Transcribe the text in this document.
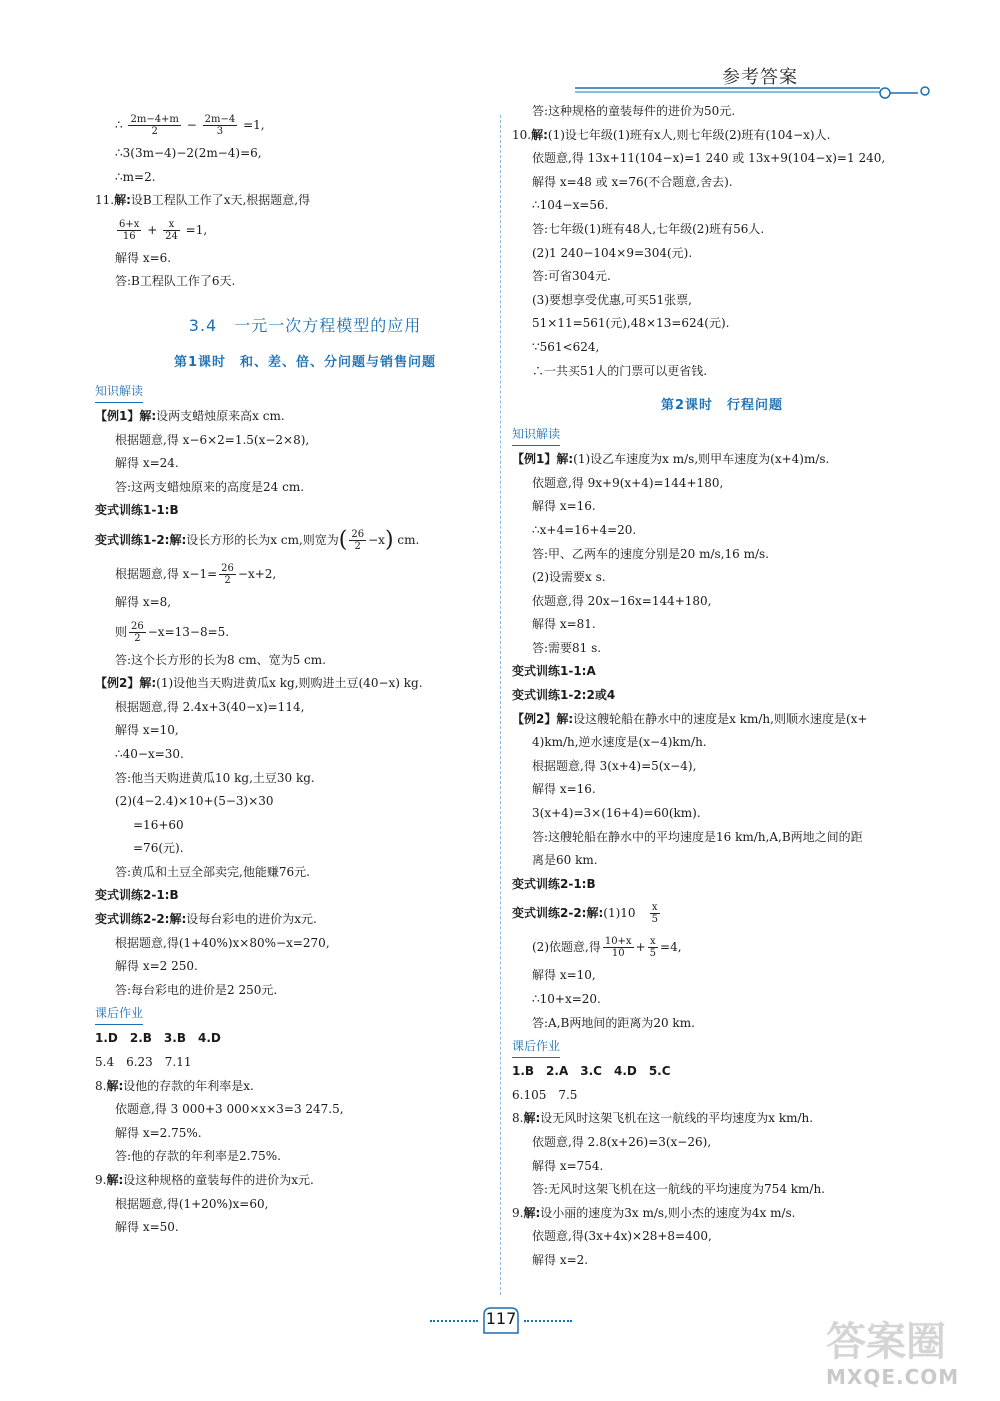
参考答案
∴ $\frac{2m-4+m}{2} - \frac{2m-4}{3} =1$,
∴3(3m−4)−2(2m−4)=6,
∴m=2.
11.解:设B工程队工作了x天,根据题意,得
$\frac{6+x}{16} + \frac{x}{24} =1$,
解得 x=6.
答:B工程队工作了6天.
3.4　一元一次方程模型的应用
第1课时　和、差、倍、分问题与销售问题
知识解读
【例1】解:设两支蜡烛原来高x cm.
根据题意,得 x−6×2=1.5(x−2×8),
解得 x=24.
答:这两支蜡烛原来的高度是24 cm.
变式训练1-1:B
变式训练1-2:解:设长方形的长为x cm,则宽为( $\frac{26}{2} -x$) cm.
根据题意,得 $x-1= \frac{26}{2} -x+2$,
解得 x=8,
则 $\frac{26}{2} -x=13-8=5$.
答:这个长方形的长为8 cm、宽为5 cm.
【例2】解:(1)设他当天购进黄瓜x kg,则购进土豆(40−x) kg.
根据题意,得 2.4x+3(40−x)=114,
解得 x=10,
∴40−x=30.
答:他当天购进黄瓜10 kg,土豆30 kg.
(2)(4−2.4)×10+(5−3)×30
=16+60
=76(元).
答:黄瓜和土豆全部卖完,他能赚76元.
变式训练2-1:B
变式训练2-2:解:设每台彩电的进价为x元.
根据题意,得(1+40%)x×80%−x=270,
解得 x=2 250.
答:每台彩电的进价是2 250元.
课后作业
1.D　2.B　3.B　4.D
5.4　6.23　7.11
8.解:设他的存款的年利率是x.
依题意,得 3 000+3 000×x×3=3 247.5,
解得 x=2.75%.
答:他的存款的年利率是2.75%.
9.解:设这种规格的童装每件的进价为x元.
根据题意,得(1+20%)x=60,
解得 x=50.
答:这种规格的童装每件的进价为50元.
10.解:(1)设七年级(1)班有x人,则七年级(2)班有(104−x)人.
依题意,得 13x+11(104−x)=1 240 或 13x+9(104−x)=1 240,
解得 x=48 或 x=76(不合题意,舍去).
∴104−x=56.
答:七年级(1)班有48人,七年级(2)班有56人.
(2)1 240−104×9=304(元).
答:可省304元.
(3)要想享受优惠,可买51张票,
51×11=561(元),48×13=624(元).
∵561<624,
∴一共买51人的门票可以更省钱.
第2课时　行程问题
知识解读
【例1】解:(1)设乙车速度为x m/s,则甲车速度为(x+4)m/s.
依题意,得 9x+9(x+4)=144+180,
解得 x=16.
∴x+4=16+4=20.
答:甲、乙两车的速度分别是20 m/s,16 m/s.
(2)设需要x s.
依题意,得 20x−16x=144+180,
解得 x=81.
答:需要81 s.
变式训练1-1:A
变式训练1-2:2或4
【例2】解:设这艘轮船在静水中的速度是x km/h,则顺水速度是(x+
4)km/h,逆水速度是(x−4)km/h.
根据题意,得 3(x+4)=5(x−4),
解得 x=16.
3(x+4)=3×(16+4)=60(km).
答:这艘轮船在静水中的平均速度是16 km/h,A,B两地之间的距
离是60 km.
变式训练2-1:B
变式训练2-2:解:(1)10　 $\frac{x}{5}$
(2)依题意,得 $\frac{10+x}{10} + \frac{x}{5} =4$,
解得 x=10,
∴10+x=20.
答:A,B两地间的距离为20 km.
课后作业
1.B　2.A　3.C　4.D　5.C
6.105　7.5
8.解:设无风时这架飞机在这一航线的平均速度为x km/h.
依题意,得 2.8(x+26)=3(x−26),
解得 x=754.
答:无风时这架飞机在这一航线的平均速度为754 km/h.
9.解:设小丽的速度为3x m/s,则小杰的速度为4x m/s.
依题意,得(3x+4x)×28+8=400,
解得 x=2.
117
答案圈
MXQE.COM
